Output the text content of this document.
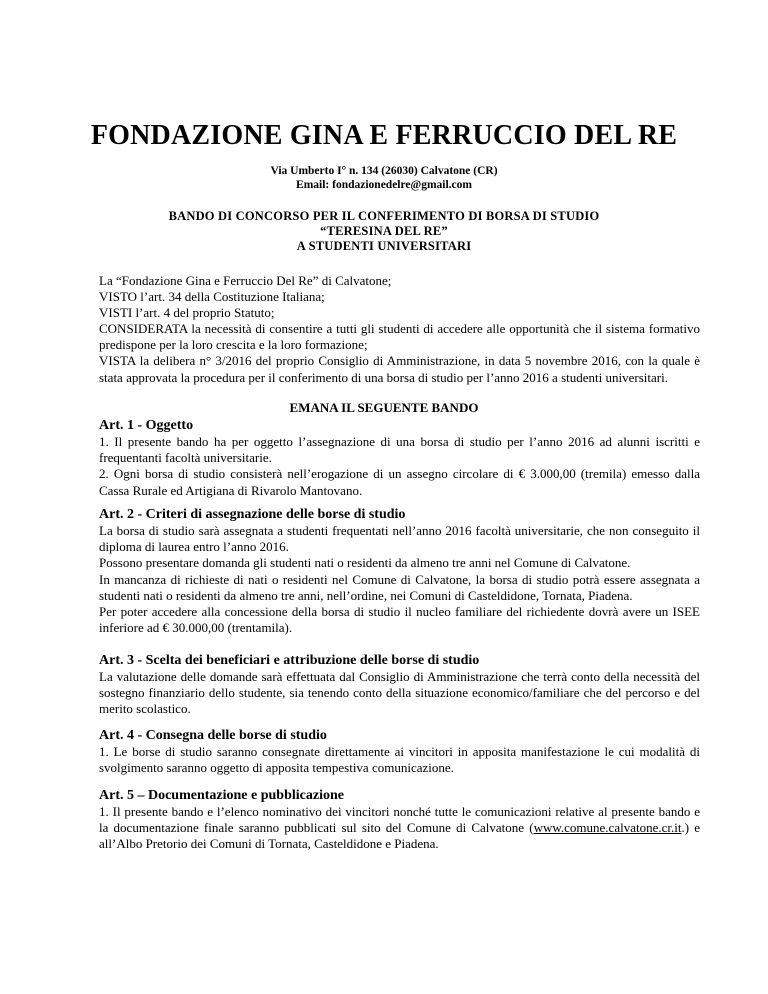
FONDAZIONE GINA E FERRUCCIO DEL RE
Via Umberto I° n. 134 (26030) Calvatone (CR)
Email: fondazionedelre@gmail.com
BANDO DI CONCORSO PER IL CONFERIMENTO DI BORSA DI STUDIO
“TERESINA DEL RE”
A STUDENTI UNIVERSITARI

La “Fondazione Gina e Ferruccio Del Re” di Calvatone;

VISTO l’art. 34 della Costituzione Italiana;

VISTI l’art. 4 del proprio Statuto;

CONSIDERATA la necessità di consentire a tutti gli studenti di accedere alle opportunità che il sistema formativo predispone per la loro crescita e la loro formazione;

VISTA la delibera n° 3/2016 del proprio Consiglio di Amministrazione, in data 5 novembre 2016, con la quale è stata approvata la procedura per il conferimento di una borsa di studio per l’anno 2016 a studenti universitari.

EMANA IL SEGUENTE BANDO
Art. 1 - Oggetto

1. Il presente bando ha per oggetto l’assegnazione di una borsa di studio per l’anno 2016 ad alunni iscritti e frequentanti facoltà universitarie.

2. Ogni borsa di studio consisterà nell’erogazione di un assegno circolare di € 3.000,00 (tremila) emesso dalla Cassa Rurale ed Artigiana di Rivarolo Mantovano.

Art. 2 - Criteri di assegnazione delle borse di studio

La borsa di studio sarà assegnata a studenti frequentati nell’anno 2016 facoltà universitarie, che non conseguito il diploma di laurea entro l’anno 2016.

Possono presentare domanda gli studenti nati o residenti da almeno tre anni nel Comune di Calvatone.

In mancanza di richieste di nati o residenti nel Comune di Calvatone, la borsa di studio potrà essere assegnata a studenti nati o residenti da almeno tre anni, nell’ordine, nei Comuni di Casteldidone, Tornata, Piadena.

Per poter accedere alla concessione della borsa di studio il nucleo familiare del richiedente dovrà avere un ISEE inferiore ad € 30.000,00 (trentamila).

Art. 3 - Scelta dei beneficiari e attribuzione delle borse di studio

La valutazione delle domande sarà effettuata dal Consiglio di Amministrazione che terrà conto della necessità del sostegno finanziario dello studente, sia tenendo conto della situazione economico/familiare che del percorso e del merito scolastico.

Art. 4 - Consegna delle borse di studio

1. Le borse di studio saranno consegnate direttamente ai vincitori in apposita manifestazione le cui modalità di svolgimento saranno oggetto di apposita tempestiva comunicazione.

Art. 5 – Documentazione e pubblicazione

1. Il presente bando e l’elenco nominativo dei vincitori nonché tutte le comunicazioni relative al presente bando e la documentazione finale saranno pubblicati sul sito del Comune di Calvatone (www.comune.calvatone.cr.it.) e all’Albo Pretorio dei Comuni di Tornata, Casteldidone e Piadena.
